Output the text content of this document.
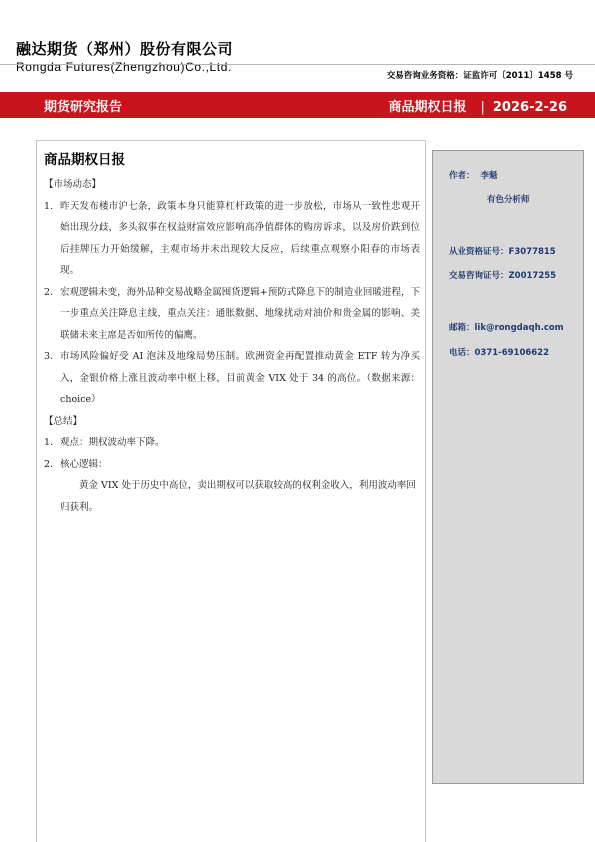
融达期货（郑州）股份有限公司
Rongda Futures(Zhengzhou)Co.,Ltd.
交易咨询业务资格：证监许可〔2011〕1458 号
期货研究报告	商品期权日报 | 2026-2-26
商品期权日报
【市场动态】
1. 昨天发布楼市沪七条，政策本身只能算杠杆政策的进一步放松，市场从一致性悲观开始出现分歧，多头叙事在权益财富效应影响高净值群体的购房诉求，以及房价跌到位后挂牌压力开始缓解，主观市场并未出现较大反应，后续重点观察小阳春的市场表现。

2. 宏观逻辑未变，海外品种交易战略金属囤货逻辑+预防式降息下的制造业回暖进程，下一步重点关注降息主线，重点关注：通胀数据、地缘扰动对油价和贵金属的影响、美联储未来主席是否如所传的偏鹰。

3. 市场风险偏好受 AI 泡沫及地缘局势压制。欧洲资金再配置推动黄金 ETF 转为净买入，金银价格上涨且波动率中枢上移，目前黄金 VIX 处于 34 的高位。（数据来源：choice）

【总结】
1. 观点：期权波动率下降。

2. 核心逻辑：

黄金 VIX 处于历史中高位，卖出期权可以获取较高的权利金收入，利用波动率回归获利。

作者： 李魁
有色分析师
从业资格证号：F3077815
交易咨询证号：Z0017255
邮箱：lik@rongdaqh.com
电话：0371-69106622
